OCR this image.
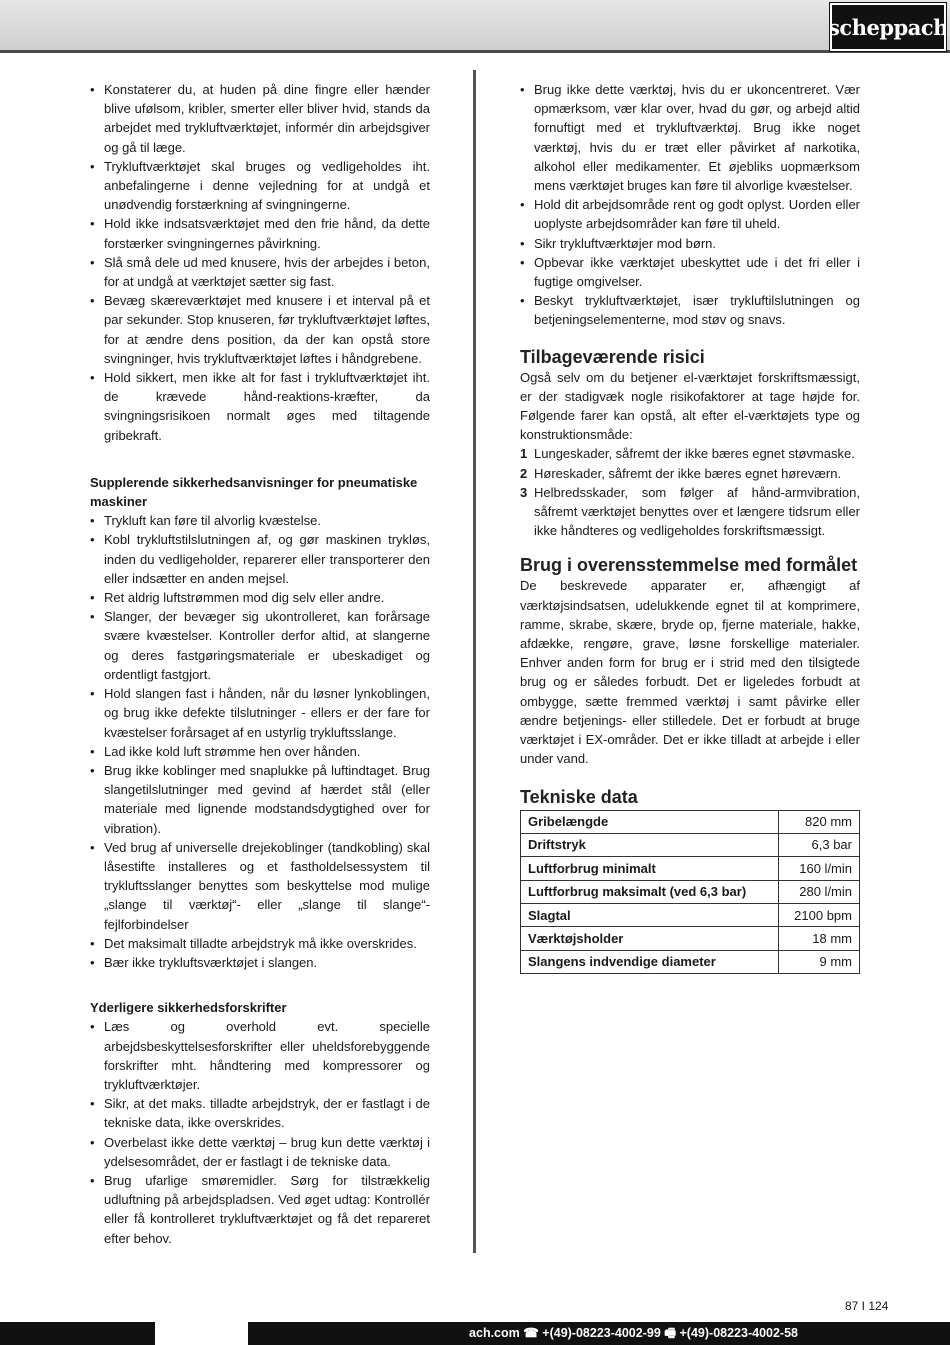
scheppach
• Konstaterer du, at huden på dine fingre eller hænder blive ufølsom, kribler, smerter eller bliver hvid, stands da arbejdet med trykluftværktøjet, informér din arbejdsgiver og gå til læge.
• Trykluftværktøjet skal bruges og vedligeholdes iht. anbefalingerne i denne vejledning for at undgå et unødvendig forstærkning af svingningerne.
• Hold ikke indsatsværktøjet med den frie hånd, da dette forstærker svingningernes påvirkning.
• Slå små dele ud med knusere, hvis der arbejdes i beton, for at undgå at værktøjet sætter sig fast.
• Bevæg skæreværktøjet med knusere i et interval på et par sekunder. Stop knuseren, før trykluftværktøjet løftes, for at ændre dens position, da der kan opstå store svingninger, hvis trykluftværktøjet løftes i håndgrebene.
• Hold sikkert, men ikke alt for fast i trykluftværktøjet iht. de krævede hånd-reaktions-kræfter, da svingningsrisikoen normalt øges med tiltagende gribekraft.
Supplerende sikkerhedsanvisninger for pneumatiske maskiner
• Trykluft kan føre til alvorlig kvæstelse.
• Kobl trykluftstilslutningen af, og gør maskinen trykløs, inden du vedligeholder, reparerer eller transporterer den eller indsætter en anden mejsel.
• Ret aldrig luftstrømmen mod dig selv eller andre.
• Slanger, der bevæger sig ukontrolleret, kan forårsage svære kvæstelser. Kontroller derfor altid, at slangerne og deres fastgøringsmateriale er ubeskadiget og ordentligt fastgjort.
• Hold slangen fast i hånden, når du løsner lynkoblingen, og brug ikke defekte tilslutninger - ellers er der fare for kvæstelser forårsaget af en ustyrlig trykluftsslange.
• Lad ikke kold luft strømme hen over hånden.
• Brug ikke koblinger med snaplukke på luftindtaget. Brug slangetilslutninger med gevind af hærdet stål (eller materiale med lignende modstandsdygtighed over for vibration).
• Ved brug af universelle drejekoblinger (tandkobling) skal låsestifte installeres og et fastholdelsessystem til trykluftsslanger benyttes som beskyttelse mod mulige „slange til værktøj“- eller „slange til slange“-fejlforbindelser
• Det maksimalt tilladte arbejdstryk må ikke overskrides.
• Bær ikke trykluftsværktøjet i slangen.
Yderligere sikkerhedsforskrifter
• Læs og overhold evt. specielle arbejdsbeskyttelsesforskrifter eller uheldsforebyggende forskrifter mht. håndtering med kompressorer og trykluftværktøjer.
• Sikr, at det maks. tilladte arbejdstryk, der er fastlagt i de tekniske data, ikke overskrides.
• Overbelast ikke dette værktøj – brug kun dette værktøj i ydelsesområdet, der er fastlagt i de tekniske data.
• Brug ufarlige smøremidler. Sørg for tilstrækkelig udluftning på arbejdspladsen. Ved øget udtag: Kontrollér eller få kontrolleret trykluftværktøjet og få det repareret efter behov.
• Brug ikke dette værktøj, hvis du er ukoncentreret. Vær opmærksom, vær klar over, hvad du gør, og arbejd altid fornuftigt med et trykluftværktøj. Brug ikke noget værktøj, hvis du er træt eller påvirket af narkotika, alkohol eller medikamenter. Et øjebliks uopmærksom mens værktøjet bruges kan føre til alvorlige kvæstelser.
• Hold dit arbejdsområde rent og godt oplyst. Uorden eller uoplyste arbejdsområder kan føre til uheld.
• Sikr trykluftværktøjer mod børn.
• Opbevar ikke værktøjet ubeskyttet ude i det fri eller i fugtige omgivelser.
• Beskyt trykluftværktøjet, især trykluftilslutningen og betjeningselementerne, mod støv og snavs.
Tilbageværende risici

Også selv om du betjener el-værktøjet forskriftsmæssigt, er der stadigvæk nogle risikofaktorer at tage højde for. Følgende farer kan opstå, alt efter el-værktøjets type og konstruktionsmåde:

1 Lungeskader, såfremt der ikke bæres egnet støvmaske.
2 Høreskader, såfremt der ikke bæres egnet høreværn.
3 Helbredsskader, som følger af hånd-armvibration, såfremt værktøjet benyttes over et længere tidsrum eller ikke håndteres og vedligeholdes forskriftsmæssigt.
Brug i overensstemmelse med formålet

De beskrevede apparater er, afhængigt af værktøjsindsatsen, udelukkende egnet til at komprimere, ramme, skrabe, skære, bryde op, fjerne materiale, hakke, afdække, rengøre, grave, løsne forskellige materialer. Enhver anden form for brug er i strid med den tilsigtede brug og er således forbudt. Det er ligeledes forbudt at ombygge, sætte fremmed værktøj i samt påvirke eller ændre betjenings- eller stilledele. Det er forbudt at bruge værktøjet i EX-områder. Det er ikke tilladt at arbejde i eller under vand.

Tekniske data
Gribelængde	820 mm
Driftstryk	6,3 bar
Luftforbrug minimalt	160 l/min
Luftforbrug maksimalt (ved 6,3 bar)	280 l/min
Slagtal	2100 bpm
Værktøjsholder	18 mm
Slangens indvendige diameter	9 mm
87 I 124
ach.com ☎ +(49)-08223-4002-99 🖷 +(49)-08223-4002-58
